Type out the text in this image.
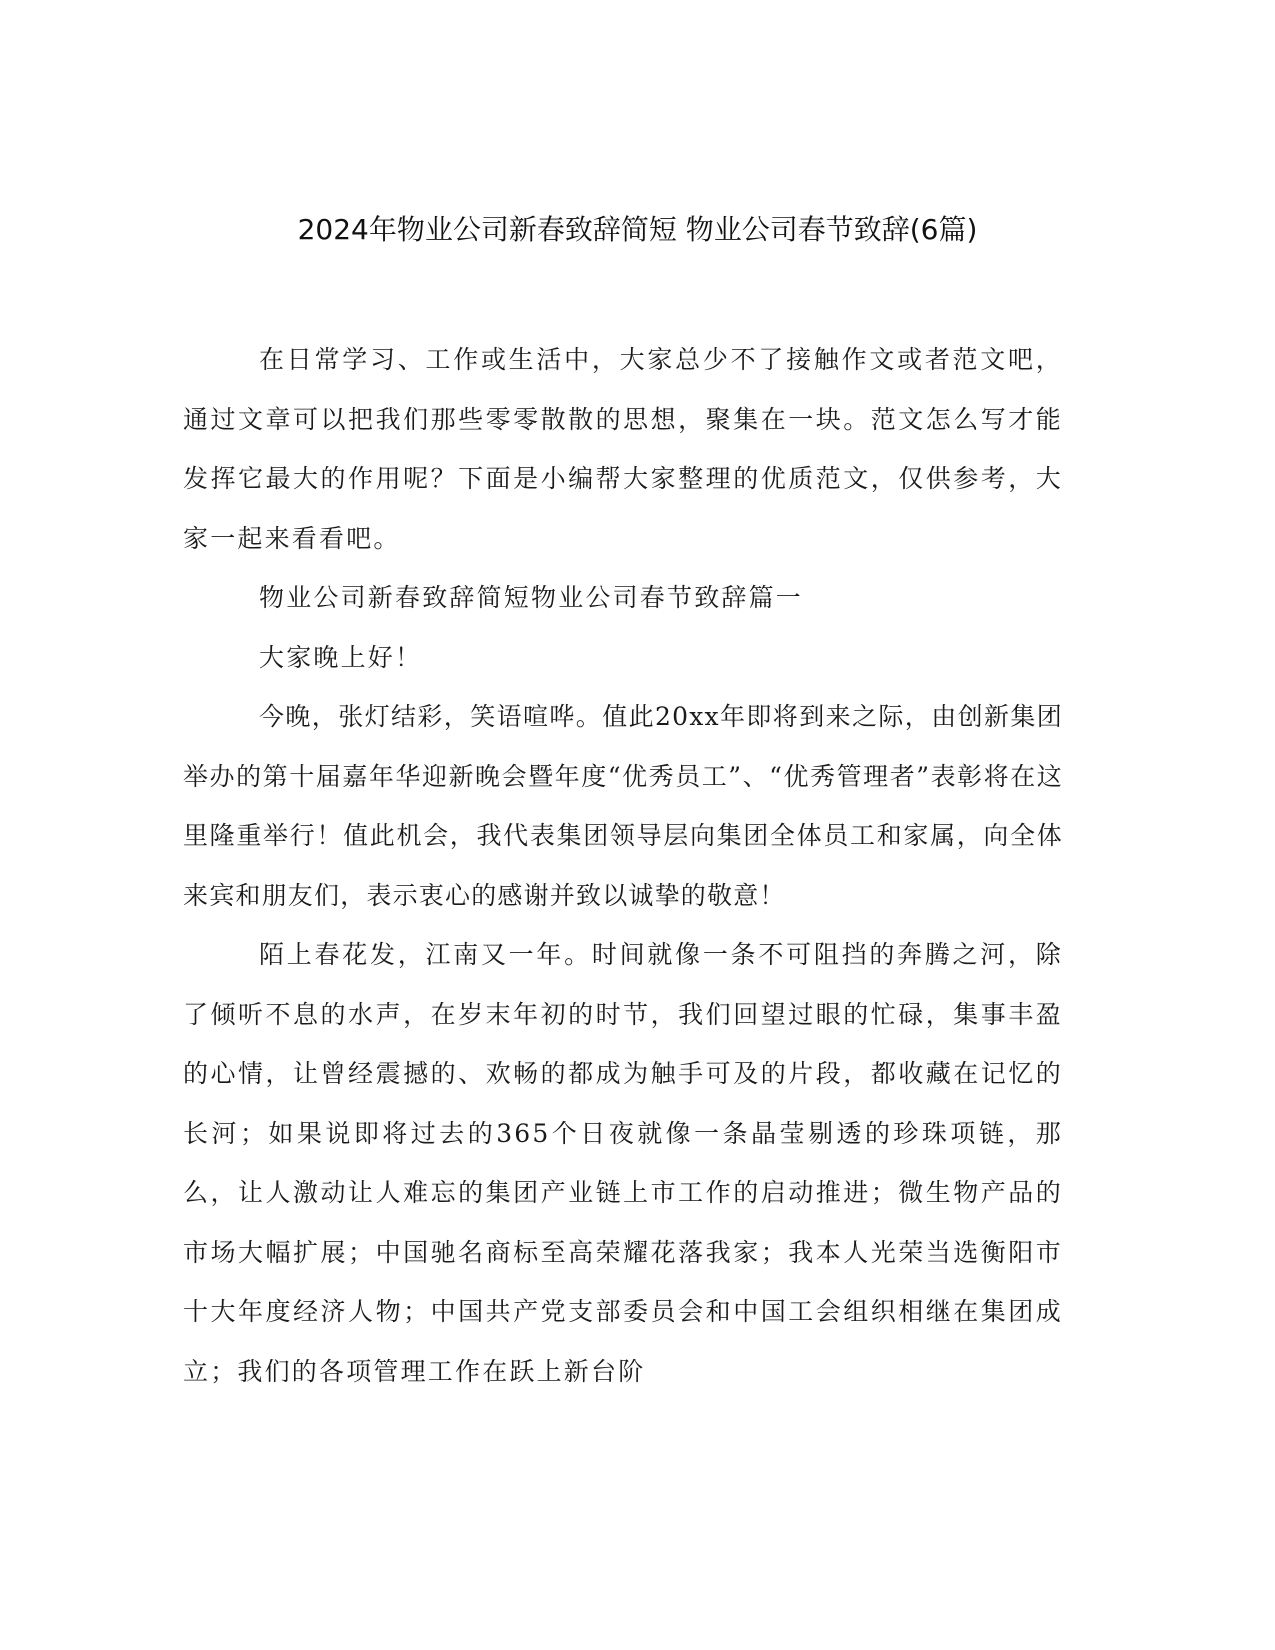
2024年物业公司新春致辞简短 物业公司春节致辞(6篇)

在日常学习、工作或生活中，大家总少不了接触作文或者范文吧，通过文章可以把我们那些零零散散的思想，聚集在一块。范文怎么写才能发挥它最大的作用呢？下面是小编帮大家整理的优质范文，仅供参考，大家一起来看看吧。

物业公司新春致辞简短物业公司春节致辞篇一

大家晚上好！

今晚，张灯结彩，笑语喧哗。值此20xx年即将到来之际，由创新集团举办的第十届嘉年华迎新晚会暨年度“优秀员工”、“优秀管理者”表彰将在这里隆重举行！值此机会，我代表集团领导层向集团全体员工和家属，向全体来宾和朋友们，表示衷心的感谢并致以诚挚的敬意！

陌上春花发，江南又一年。时间就像一条不可阻挡的奔腾之河，除了倾听不息的水声，在岁末年初的时节，我们回望过眼的忙碌，集事丰盈的心情，让曾经震撼的、欢畅的都成为触手可及的片段，都收藏在记忆的长河；如果说即将过去的365个日夜就像一条晶莹剔透的珍珠项链，那么，让人激动让人难忘的集团产业链上市工作的启动推进；微生物产品的市场大幅扩展；中国驰名商标至高荣耀花落我家；我本人光荣当选衡阳市十大年度经济人物；中国共产党支部委员会和中国工会组织相继在集团成立；我们的各项管理工作在跃上新台阶
